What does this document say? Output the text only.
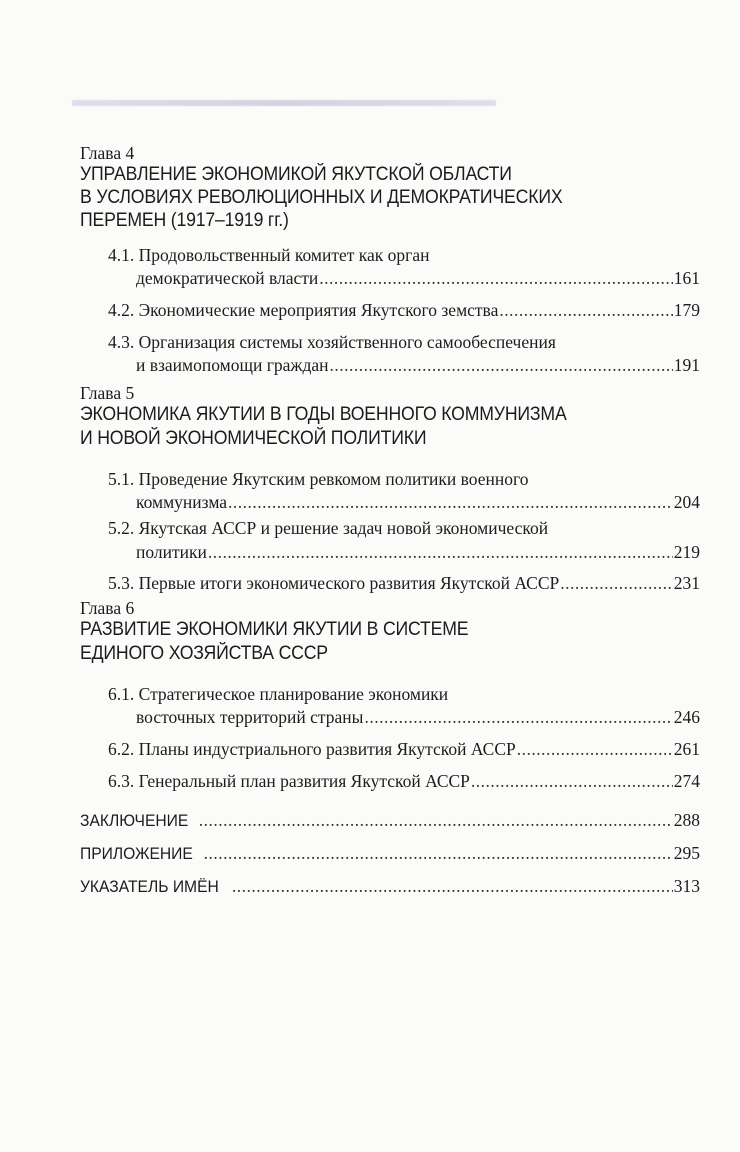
Глава 4
УПРАВЛЕНИЕ ЭКОНОМИКОЙ ЯКУТСКОЙ ОБЛАСТИ
В УСЛОВИЯХ РЕВОЛЮЦИОННЫХ И ДЕМОКРАТИЧЕСКИХ
ПЕРЕМЕН (1917–1919 гг.)
4.1. Продовольственный комитет как орган
демократической власти .....	161
4.2. Экономические мероприятия Якутского земства .....	179
4.3. Организация системы хозяйственного самообеспечения
и взаимопомощи граждан .....	191
Глава 5
ЭКОНОМИКА ЯКУТИИ В ГОДЫ ВОЕННОГО КОММУНИЗМА
И НОВОЙ ЭКОНОМИЧЕСКОЙ ПОЛИТИКИ
5.1. Проведение Якутским ревкомом политики военного
коммунизма .....	204
5.2. Якутская АССР и решение задач новой экономической
политики .....	219
5.3. Первые итоги экономического развития Якутской АССР .....	231
Глава 6
РАЗВИТИЕ ЭКОНОМИКИ ЯКУТИИ В СИСТЕМЕ
ЕДИНОГО ХОЗЯЙСТВА СССР
6.1. Стратегическое планирование экономики
восточных территорий страны .....	246
6.2. Планы индустриального развития Якутской АССР .....	261
6.3. Генеральный план развития Якутской АССР .....	274
ЗАКЛЮЧЕНИЕ .....	288
ПРИЛОЖЕНИЕ .....	295
УКАЗАТЕЛЬ ИМЁН .....	313
